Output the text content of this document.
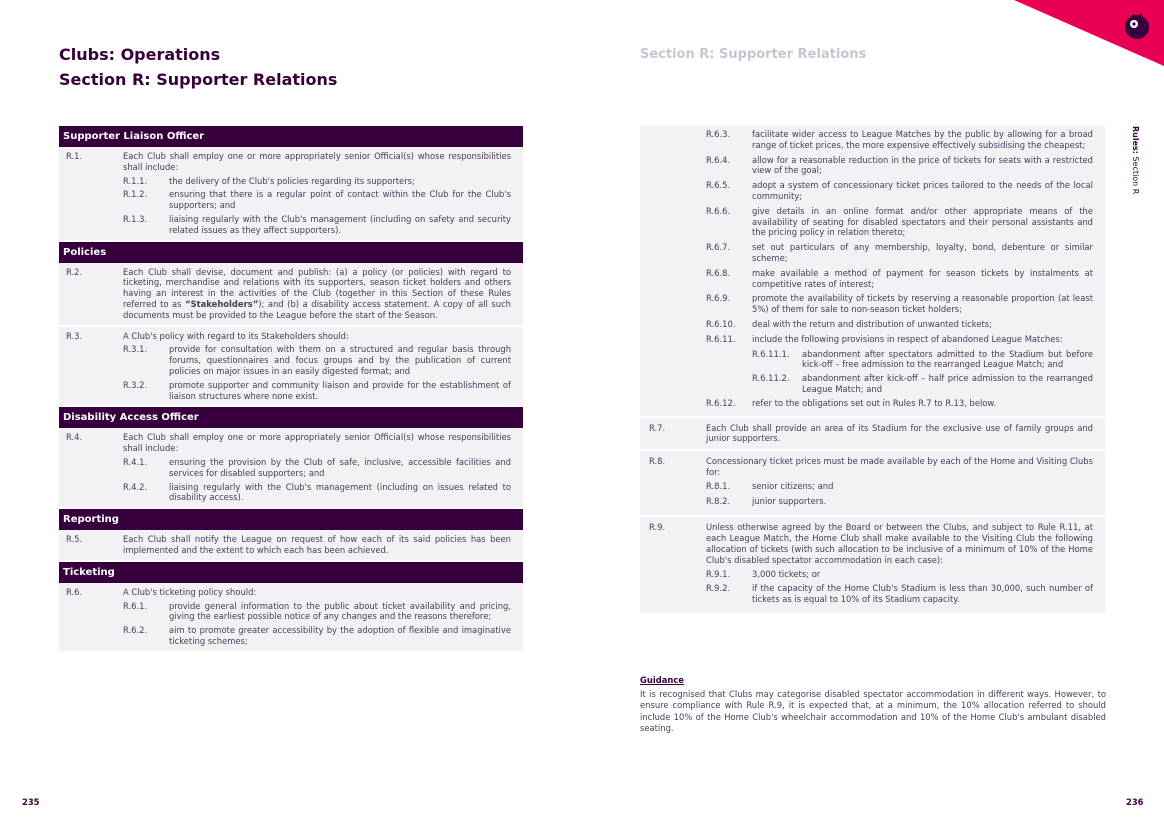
Clubs: Operations
Section R: Supporter Relations
Section R: Supporter Relations
Rules: Section R
Supporter Liaison Officer
R.1.	Each Club shall employ one or more appropriately senior Official(s) whose responsibilities shall include:
R.1.1.	the delivery of the Club's policies regarding its supporters;
R.1.2.	ensuring that there is a regular point of contact within the Club for the Club's supporters; and
R.1.3.	liaising regularly with the Club's management (including on safety and security related issues as they affect supporters).
Policies
R.2.	Each Club shall devise, document and publish: (a) a policy (or policies) with regard to ticketing, merchandise and relations with its supporters, season ticket holders and others having an interest in the activities of the Club (together in this Section of these Rules referred to as “Stakeholders”); and (b) a disability access statement. A copy of all such documents must be provided to the League before the start of the Season.
R.3.	A Club's policy with regard to its Stakeholders should:
R.3.1.	provide for consultation with them on a structured and regular basis through forums, questionnaires and focus groups and by the publication of current policies on major issues in an easily digested format; and
R.3.2.	promote supporter and community liaison and provide for the establishment of liaison structures where none exist.
Disability Access Officer
R.4.	Each Club shall employ one or more appropriately senior Official(s) whose responsibilities shall include:
R.4.1.	ensuring the provision by the Club of safe, inclusive, accessible facilities and services for disabled supporters; and
R.4.2.	liaising regularly with the Club's management (including on issues related to disability access).
Reporting
R.5.	Each Club shall notify the League on request of how each of its said policies has been implemented and the extent to which each has been achieved.
Ticketing
R.6.	A Club's ticketing policy should:
R.6.1.	provide general information to the public about ticket availability and pricing, giving the earliest possible notice of any changes and the reasons therefore;
R.6.2.	aim to promote greater accessibility by the adoption of flexible and imaginative ticketing schemes;
R.6.3.	facilitate wider access to League Matches by the public by allowing for a broad range of ticket prices, the more expensive effectively subsidising the cheapest;
R.6.4.	allow for a reasonable reduction in the price of tickets for seats with a restricted view of the goal;
R.6.5.	adopt a system of concessionary ticket prices tailored to the needs of the local community;
R.6.6.	give details in an online format and/or other appropriate means of the availability of seating for disabled spectators and their personal assistants and the pricing policy in relation thereto;
R.6.7.	set out particulars of any membership, loyalty, bond, debenture or similar scheme;
R.6.8.	make available a method of payment for season tickets by instalments at competitive rates of interest;
R.6.9.	promote the availability of tickets by reserving a reasonable proportion (at least 5%) of them for sale to non-season ticket holders;
R.6.10.	deal with the return and distribution of unwanted tickets;
R.6.11.	include the following provisions in respect of abandoned League Matches:
R.6.11.1.	abandonment after spectators admitted to the Stadium but before kick-off – free admission to the rearranged League Match; and
R.6.11.2.	abandonment after kick-off – half price admission to the rearranged League Match; and
R.6.12.	refer to the obligations set out in Rules R.7 to R.13, below.
R.7.	Each Club shall provide an area of its Stadium for the exclusive use of family groups and junior supporters.
R.8.	Concessionary ticket prices must be made available by each of the Home and Visiting Clubs for:
R.8.1.	senior citizens; and
R.8.2.	junior supporters.
R.9.	Unless otherwise agreed by the Board or between the Clubs, and subject to Rule R.11, at each League Match, the Home Club shall make available to the Visiting Club the following allocation of tickets (with such allocation to be inclusive of a minimum of 10% of the Home Club's disabled spectator accommodation in each case):
R.9.1.	3,000 tickets; or
R.9.2.	if the capacity of the Home Club's Stadium is less than 30,000, such number of tickets as is equal to 10% of its Stadium capacity.
Guidance

It is recognised that Clubs may categorise disabled spectator accommodation in different ways. However, to ensure compliance with Rule R.9, it is expected that, at a minimum, the 10% allocation referred to should include 10% of the Home Club's wheelchair accommodation and 10% of the Home Club's ambulant disabled seating.

235	236
